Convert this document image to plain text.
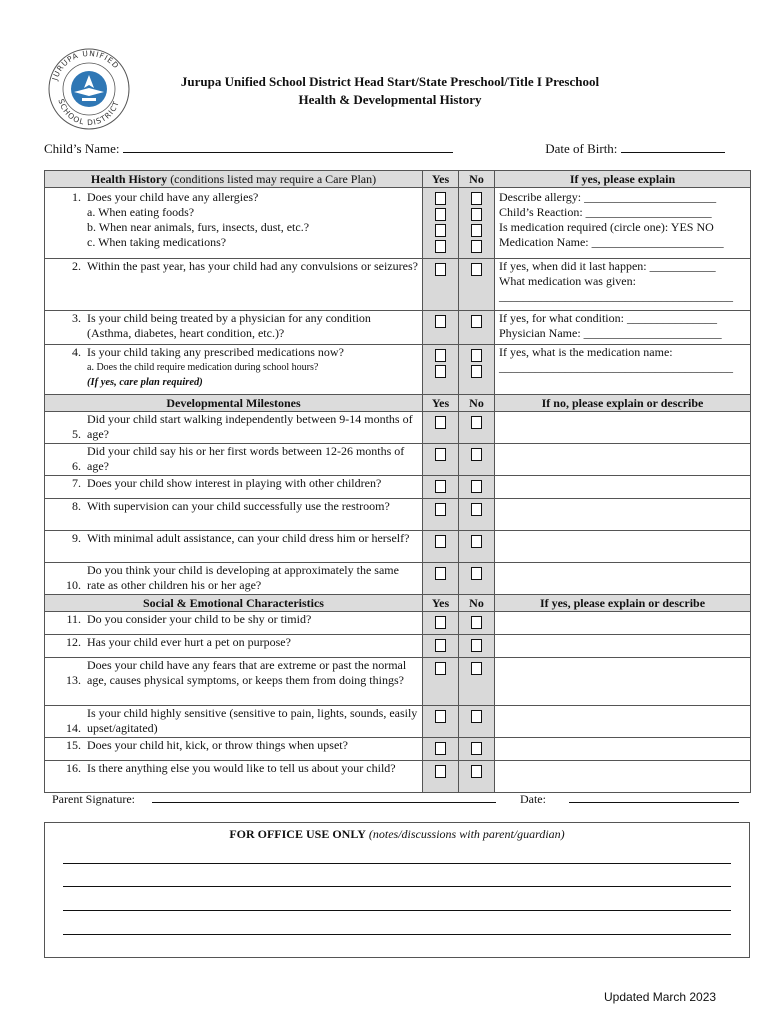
JURUPA UNIFIED
SCHOOL DISTRICT
Jurupa Unified School District Head Start/State Preschool/Title I Preschool
Health & Developmental History
Child’s Name:	Date of Birth:
Health History (conditions listed may require a Care Plan)	Yes	No	If yes, please explain

1. Does your child have any allergies?
a. When eating foods?
b. When near animals, furs, insects, dust, etc.?
c. When taking medications?			Describe allergy: ______________________
Child’s Reaction: _____________________
Is medication required (circle one): YES NO
Medication Name: ______________________

2. Within the past year, has your child had any convulsions or seizures?			If yes, when did it last happen: ___________
What medication was given:
_______________________________________

3. Is your child being treated by a physician for any condition (Asthma, diabetes, heart condition, etc.)?			If yes, for what condition: _______________
Physician Name: _______________________

4. Is your child taking any prescribed medications now?
a. Does the child require medication during school hours?
(If yes, care plan required)			If yes, what is the medication name:
_______________________________________

Developmental Milestones	Yes	No	If no, please explain or describe

5.
Did your child start walking independently between 9-14 months of age?			

6.
Did your child say his or her first words between 12-26 months of age?			

7. Does your child show interest in playing with other children?			

8. With supervision can your child successfully use the restroom?			

9. With minimal adult assistance, can your child dress him or herself?			

10.
Do you think your child is developing at approximately the same rate as other children his or her age?			

Social & Emotional Characteristics	Yes	No	If yes, please explain or describe

11. Do you consider your child to be shy or timid?			

12. Has your child ever hurt a pet on purpose?			

13.
Does your child have any fears that are extreme or past the normal age, causes physical symptoms, or keeps them from doing things?			

14.
Is your child highly sensitive (sensitive to pain, lights, sounds, easily upset/agitated)			

15. Does your child hit, kick, or throw things when upset?			

16. Is there anything else you would like to tell us about your child?			

Parent Signature:	Date:
FOR OFFICE USE ONLY (notes/discussions with parent/guardian)
Updated March 2023
